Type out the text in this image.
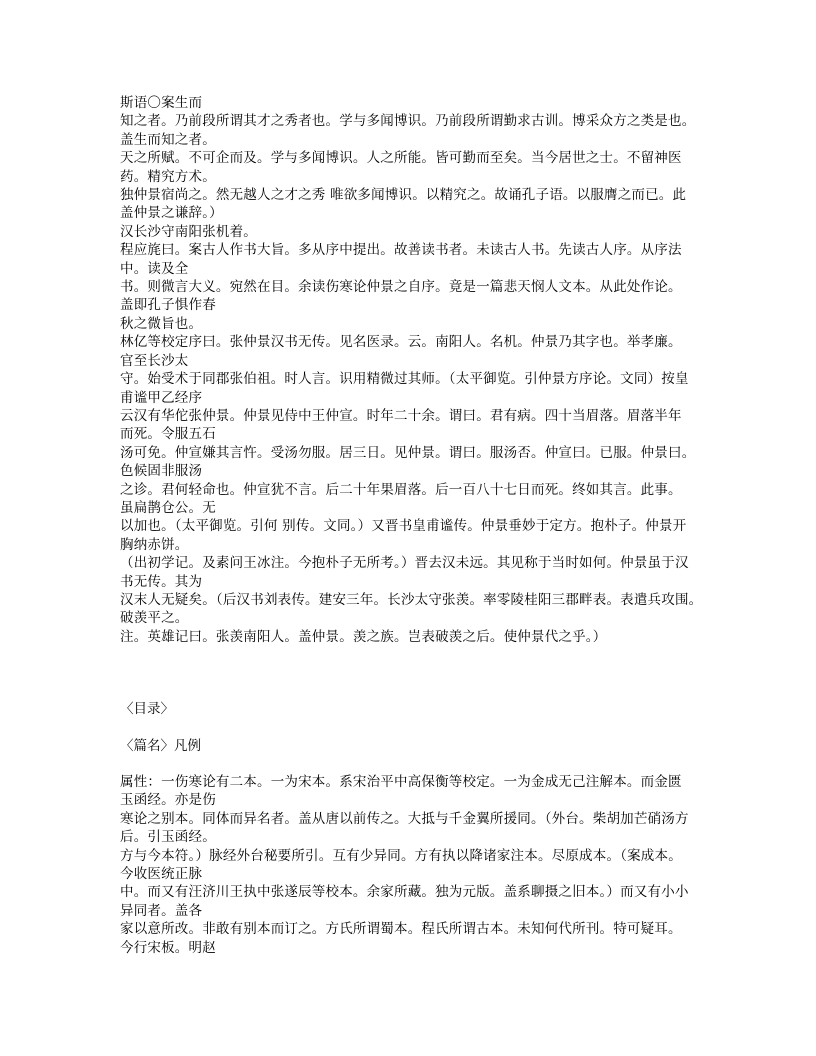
斯语〇案生而

知之者。乃前段所谓其才之秀者也。学与多闻博识。乃前段所谓勤求古训。博采众方之类是也。

盖生而知之者。

天之所赋。不可企而及。学与多闻博识。人之所能。皆可勤而至矣。当今居世之士。不留神医

药。精究方术。

独仲景宿尚之。然无越人之才之秀 唯欲多闻博识。以精究之。故诵孔子语。以服膺之而已。此

盖仲景之谦辞。）

汉长沙守南阳张机着。

程应旄曰。案古人作书大旨。多从序中提出。故善读书者。未读古人书。先读古人序。从序法

中。读及全

书。则微言大义。宛然在目。余读伤寒论仲景之自序。竟是一篇悲天悯人文本。从此处作论。

盖即孔子惧作春

秋之微旨也。

林亿等校定序曰。张仲景汉书无传。见名医录。云。南阳人。名机。仲景乃其字也。举孝廉。

官至长沙太

守。始受术于同郡张伯祖。时人言。识用精微过其师。（太平御览。引仲景方序论。文同）按皇

甫谧甲乙经序

云汉有华佗张仲景。仲景见侍中王仲宣。时年二十余。谓曰。君有病。四十当眉落。眉落半年

而死。令服五石

汤可免。仲宣嫌其言忤。受汤勿服。居三日。见仲景。谓曰。服汤否。仲宣曰。已服。仲景曰。

色候固非服汤

之诊。君何轻命也。仲宣犹不言。后二十年果眉落。后一百八十七日而死。终如其言。此事。

虽扁鹊仓公。无

以加也。（太平御览。引何 别传。文同。）又晋书皇甫谧传。仲景垂妙于定方。抱朴子。仲景开

胸纳赤饼。

（出初学记。及素问王冰注。今抱朴子无所考。）晋去汉未远。其见称于当时如何。仲景虽于汉

书无传。其为

汉末人无疑矣。（后汉书刘表传。建安三年。长沙太守张羡。率零陵桂阳三郡畔表。表遣兵攻围。

破羡平之。

注。英雄记曰。张羡南阳人。盖仲景。羡之族。岂表破羡之后。使仲景代之乎。）

〈目录〉

〈篇名〉凡例

属性：一伤寒论有二本。一为宋本。系宋治平中高保衡等校定。一为金成无己注解本。而金匮

玉函经。亦是伤

寒论之别本。同体而异名者。盖从唐以前传之。大抵与千金翼所援同。（外台。柴胡加芒硝汤方

后。引玉函经。

方与今本符。）脉经外台秘要所引。互有少异同。方有执以降诸家注本。尽原成本。（案成本。

今收医统正脉

中。而又有汪济川王执中张遂辰等校本。余家所藏。独为元版。盖系聊摄之旧本。）而又有小小

异同者。盖各

家以意所改。非敢有别本而订之。方氏所谓蜀本。程氏所谓古本。未知何代所刊。特可疑耳。

今行宋板。明赵
